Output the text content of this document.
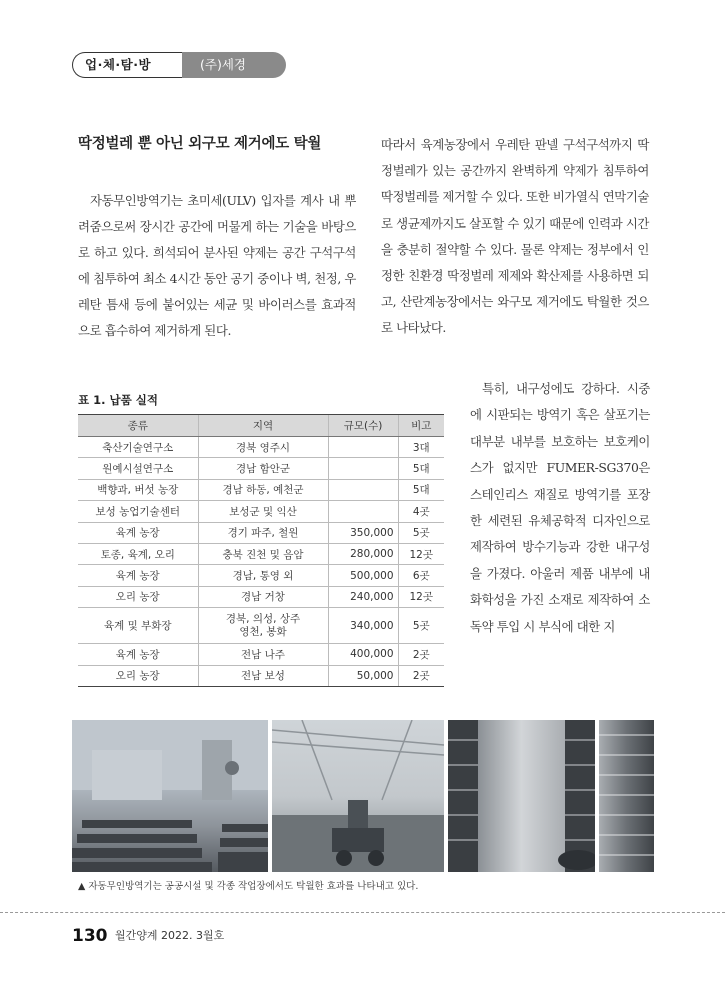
업·체·탐·방	(주)세경
딱정벌레 뿐 아닌 외구모 제거에도 탁월

자동무인방역기는 초미세(ULV) 입자를 계사 내 뿌려줌으로써 장시간 공간에 머물게 하는 기술을 바탕으로 하고 있다. 희석되어 분사된 약제는 공간 구석구석에 침투하여 최소 4시간 동안 공기 중이나 벽, 천정, 우레탄 틈새 등에 붙어있는 세균 및 바이러스를 효과적으로 흡수하여 제거하게 된다.

따라서 육계농장에서 우레탄 판넬 구석구석까지 딱정벌레가 있는 공간까지 완벽하게 약제가 침투하여 딱정벌레를 제거할 수 있다. 또한 비가열식 연막기술로 생균제까지도 살포할 수 있기 때문에 인력과 시간을 충분히 절약할 수 있다. 물론 약제는 정부에서 인정한 친환경 딱정벌레 제제와 확산제를 사용하면 되고, 산란계농장에서는 와구모 제거에도 탁월한 것으로 나타났다.

특히, 내구성에도 강하다. 시중에 시판되는 방역기 혹은 살포기는 대부분 내부를 보호하는 보호케이스가 없지만 FUMER-SG370은 스테인리스 재질로 방역기를 포장한 세련된 유체공학적 디자인으로 제작하여 방수기능과 강한 내구성을 가졌다. 아울러 제품 내부에 내화학성을 가진 소재로 제작하여 소독약 투입 시 부식에 대한 지

표 1. 납품 실적
종류	지역	규모(수)	비고
축산기술연구소	경북 영주시		3대
원예시설연구소	경남 함안군		5대
백향과, 버섯 농장	경남 하동, 예천군		5대
보성 농업기술센터	보성군 및 익산		4곳
육계 농장	경기 파주, 철원	350,000	5곳
토종, 육계, 오리	충북 진천 및 음암	280,000	12곳
육계 농장	경남, 통영 외	500,000	6곳
오리 농장	경남 거창	240,000	12곳
육계 및 부화장	경북, 의성, 상주
영천, 봉화	340,000	5곳
육계 농장	전남 나주	400,000	2곳
오리 농장	전남 보성	50,000	2곳
▲ 자동무인방역기는 공공시설 및 각종 작업장에서도 탁월한 효과를 나타내고 있다.
130 월간양계 2022. 3월호
